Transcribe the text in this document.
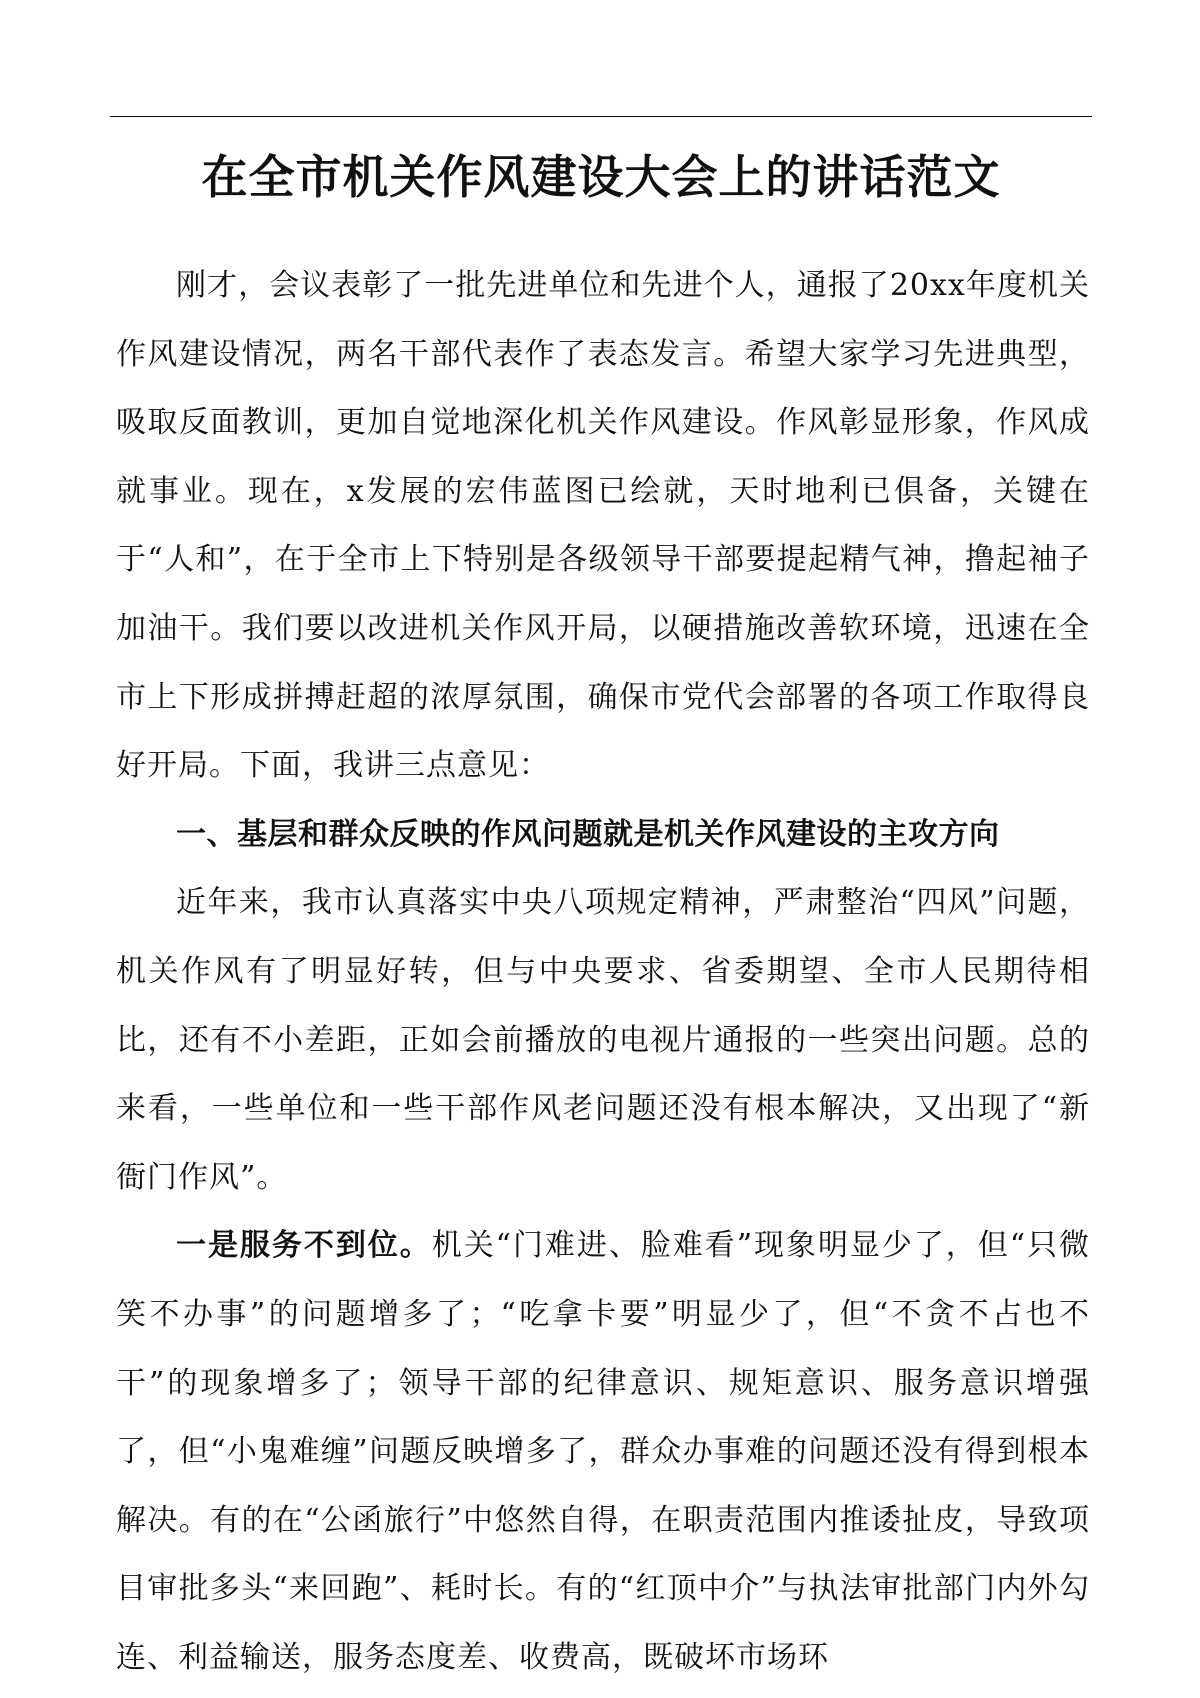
在全市机关作风建设大会上的讲话范文

刚才，会议表彰了一批先进单位和先进个人，通报了20xx年度机关作风建设情况，两名干部代表作了表态发言。希望大家学习先进典型，吸取反面教训，更加自觉地深化机关作风建设。作风彰显形象，作风成就事业。现在，x发展的宏伟蓝图已绘就，天时地利已俱备，关键在于“人和”，在于全市上下特别是各级领导干部要提起精气神，撸起袖子加油干。我们要以改进机关作风开局，以硬措施改善软环境，迅速在全市上下形成拼搏赶超的浓厚氛围，确保市党代会部署的各项工作取得良好开局。下面，我讲三点意见：

一、基层和群众反映的作风问题就是机关作风建设的主攻方向

近年来，我市认真落实中央八项规定精神，严肃整治“四风”问题，机关作风有了明显好转，但与中央要求、省委期望、全市人民期待相比，还有不小差距，正如会前播放的电视片通报的一些突出问题。总的来看，一些单位和一些干部作风老问题还没有根本解决，又出现了“新衙门作风”。

一是服务不到位。机关“门难进、脸难看”现象明显少了，但“只微笑不办事”的问题增多了；“吃拿卡要”明显少了，但“不贪不占也不干”的现象增多了；领导干部的纪律意识、规矩意识、服务意识增强了，但“小鬼难缠”问题反映增多了，群众办事难的问题还没有得到根本解决。有的在“公函旅行”中悠然自得，在职责范围内推诿扯皮，导致项目审批多头“来回跑”、耗时长。有的“红顶中介”与执法审批部门内外勾连、利益输送，服务态度差、收费高，既破坏市场环
